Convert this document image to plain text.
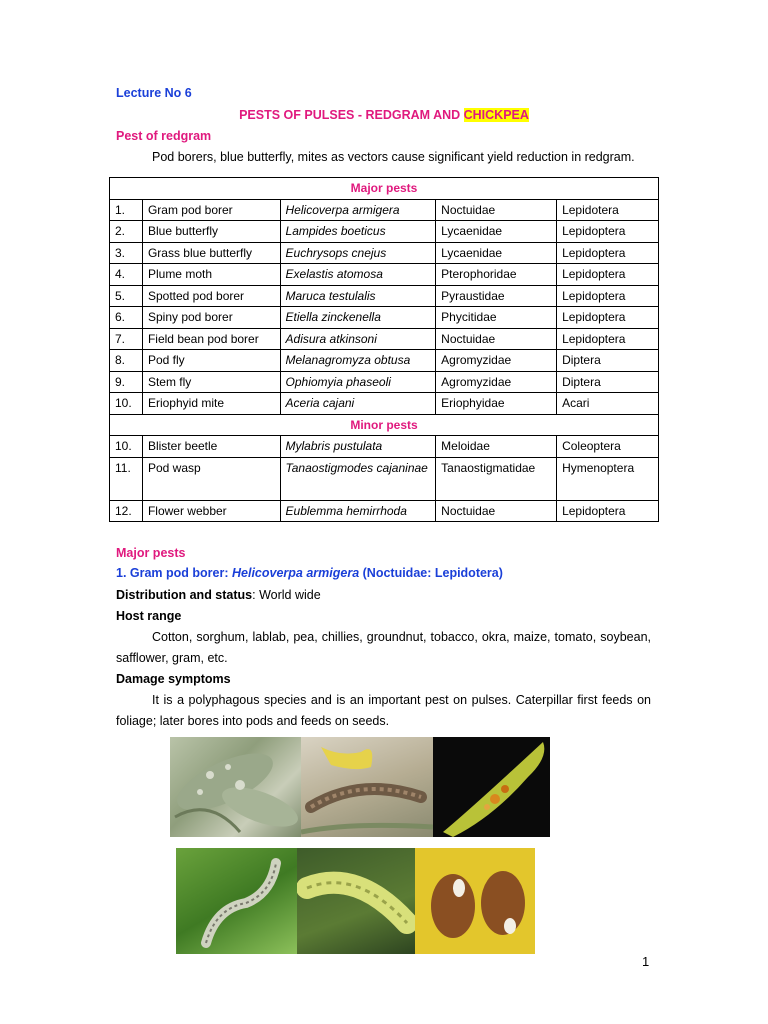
Lecture No 6
PESTS OF PULSES - REDGRAM AND CHICKPEA
Pest of redgram
Pod borers, blue butterfly, mites as vectors cause significant yield reduction in redgram.
Major pests				
1.	Gram pod borer	Helicoverpa armigera	Noctuidae	Lepidotera
2.	Blue butterfly	Lampides boeticus	Lycaenidae	Lepidoptera
3.	Grass blue butterfly	Euchrysops cnejus	Lycaenidae	Lepidoptera
4.	Plume moth	Exelastis atomosa	Pterophoridae	Lepidoptera
5.	Spotted pod borer	Maruca testulalis	Pyraustidae	Lepidoptera
6.	Spiny pod borer	Etiella zinckenella	Phycitidae	Lepidoptera
7.	Field bean pod borer	Adisura atkinsoni	Noctuidae	Lepidoptera
8.	Pod fly	Melanagromyza obtusa	Agromyzidae	Diptera
9.	Stem fly	Ophiomyia phaseoli	Agromyzidae	Diptera
10.	Eriophyid mite	Aceria cajani	Eriophyidae	Acari
Minor pests				
10.	Blister beetle	Mylabris pustulata	Meloidae	Coleoptera
11.	Pod wasp	Tanaostigmodes cajaninae	Tanaostigmatidae	Hymenoptera
12.	Flower webber	Eublemma hemirrhoda	Noctuidae	Lepidoptera
Major pests
1. Gram pod borer: Helicoverpa armigera (Noctuidae: Lepidotera)
Distribution and status: World wide
Host range
Cotton, sorghum, lablab, pea, chillies, groundnut, tobacco, okra, maize, tomato, soybean, safflower, gram, etc.
Damage symptoms
It is a polyphagous species and is an important pest on pulses. Caterpillar first feeds on foliage; later bores into pods and feeds on seeds.
1
